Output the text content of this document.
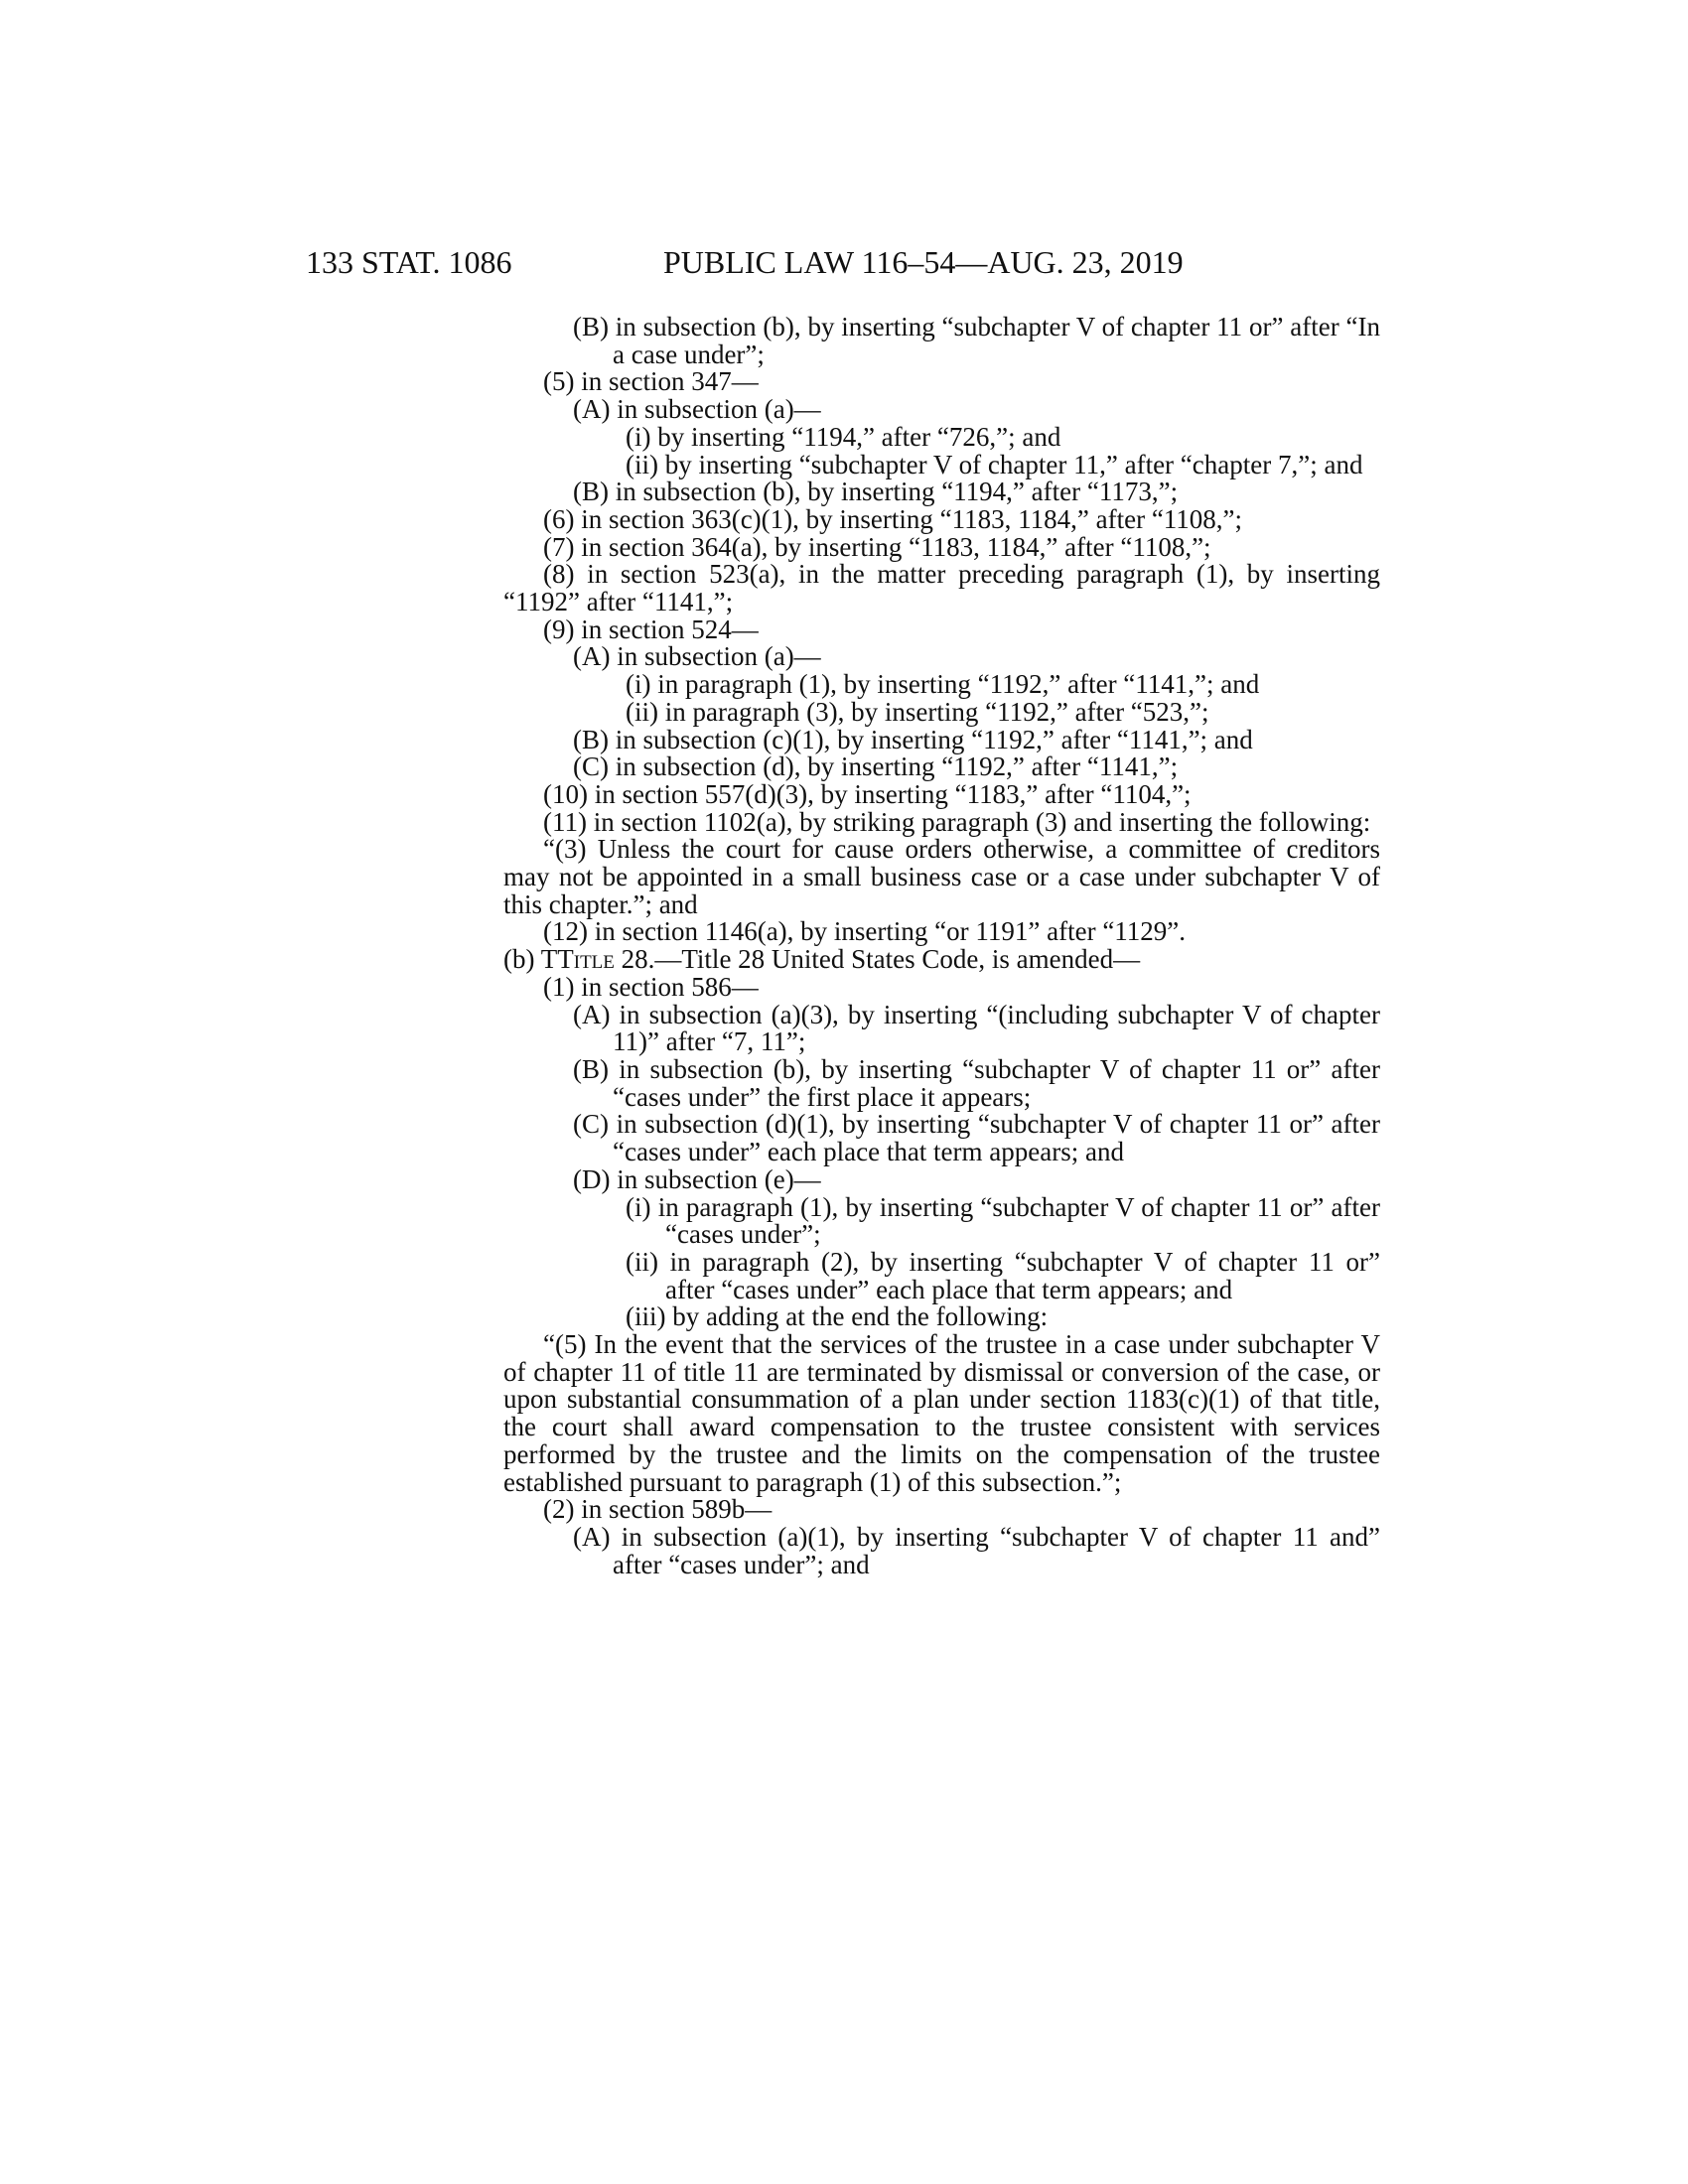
133 STAT. 1086	PUBLIC LAW 116–54—AUG. 23, 2019

(B) in subsection (b), by inserting “subchapter V of chapter 11 or” after “In a case under”;

(5) in section 347—

(A) in subsection (a)—

(i) by inserting “1194,” after “726,”; and

(ii) by inserting “subchapter V of chapter 11,” after “chapter 7,”; and

(B) in subsection (b), by inserting “1194,” after “1173,”;

(6) in section 363(c)(1), by inserting “1183, 1184,” after “1108,”;

(7) in section 364(a), by inserting “1183, 1184,” after “1108,”;

(8) in section 523(a), in the matter preceding paragraph (1), by inserting “1192” after “1141,”;

(9) in section 524—

(A) in subsection (a)—

(i) in paragraph (1), by inserting “1192,” after “1141,”; and

(ii) in paragraph (3), by inserting “1192,” after “523,”;

(B) in subsection (c)(1), by inserting “1192,” after “1141,”; and

(C) in subsection (d), by inserting “1192,” after “1141,”;

(10) in section 557(d)(3), by inserting “1183,” after “1104,”;

(11) in section 1102(a), by striking paragraph (3) and inserting the following:

“(3) Unless the court for cause orders otherwise, a committee of creditors may not be appointed in a small business case or a case under subchapter V of this chapter.”; and

(12) in section 1146(a), by inserting “or 1191” after “1129”.

(b) TTitle 28.—Title 28 United States Code, is amended—

(1) in section 586—

(A) in subsection (a)(3), by inserting “(including subchapter V of chapter 11)” after “7, 11”;

(B) in subsection (b), by inserting “subchapter V of chapter 11 or” after “cases under” the first place it appears;

(C) in subsection (d)(1), by inserting “subchapter V of chapter 11 or” after “cases under” each place that term appears; and

(D) in subsection (e)—

(i) in paragraph (1), by inserting “subchapter V of chapter 11 or” after “cases under”;

(ii) in paragraph (2), by inserting “subchapter V of chapter 11 or” after “cases under” each place that term appears; and

(iii) by adding at the end the following:

“(5) In the event that the services of the trustee in a case under subchapter V of chapter 11 of title 11 are terminated by dismissal or conversion of the case, or upon substantial consummation of a plan under section 1183(c)(1) of that title, the court shall award compensation to the trustee consistent with services performed by the trustee and the limits on the compensation of the trustee established pursuant to paragraph (1) of this subsection.”;

(2) in section 589b—

(A) in subsection (a)(1), by inserting “subchapter V of chapter 11 and” after “cases under”; and
